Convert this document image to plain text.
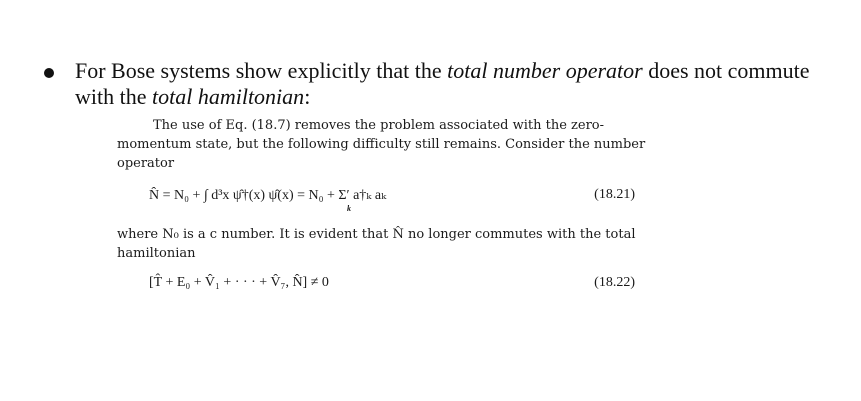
For Bose systems show explicitly that the total number operator does not commute with the total hamiltonian:

The use of Eq. (18.7) removes the problem associated with the zero-
momentum state, but the following difficulty still remains. Consider the number
operator

N̂ = N₀ + ∫ d³x ψ̂†(x) ψ̂(x) = N₀ + Σ′ a†ₖ aₖ
k
(18.21)

where N₀ is a c number. It is evident that N̂ no longer commutes with the total
hamiltonian

[T̂ + E₀ + V̂₁ + · · · + V̂₇, N̂] ≠ 0	(18.22)
